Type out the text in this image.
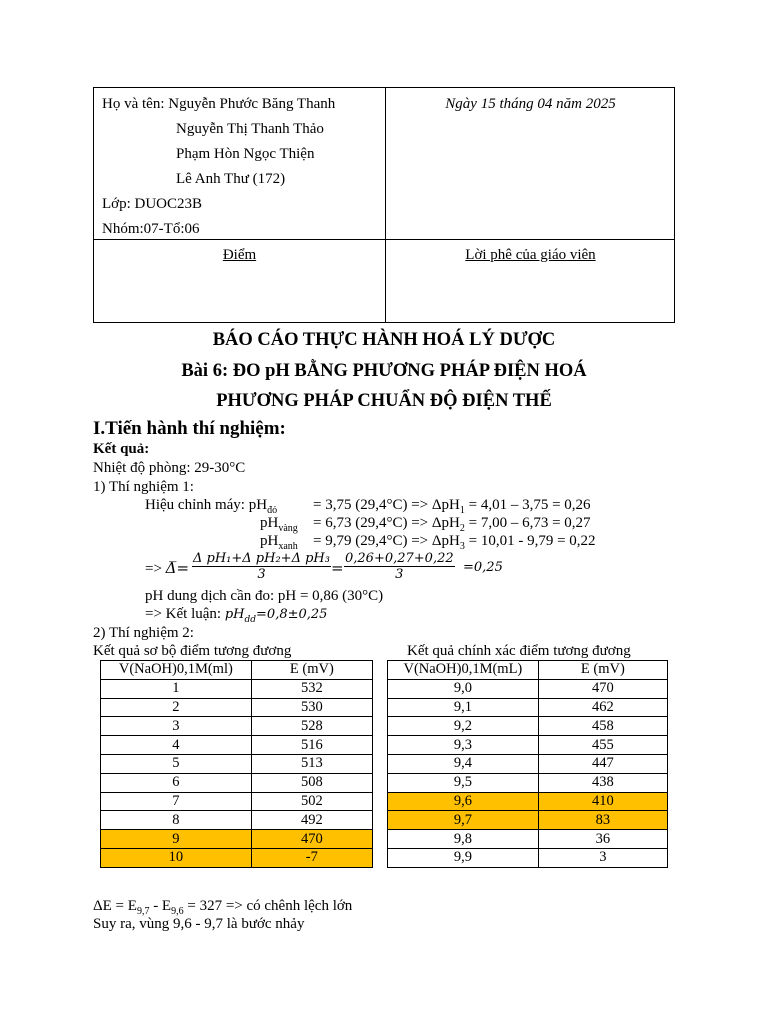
Họ và tên: Nguyễn Phước Băng Thanh
Nguyễn Thị Thanh Thảo
Phạm Hòn Ngọc Thiện
Lê Anh Thư (172)
Lớp: DUOC23B
Nhóm:07-Tổ:06
Ngày 15 tháng 04 năm 2025
Điểm	Lời phê của giáo viên
BÁO CÁO THỰC HÀNH HOÁ LÝ DƯỢC
Bài 6: ĐO pH BẰNG PHƯƠNG PHÁP ĐIỆN HOÁ
PHƯƠNG PHÁP CHUẨN ĐỘ ĐIỆN THẾ
I.Tiến hành thí nghiệm:
Kết quả:
Nhiệt độ phòng: 29-30°C
1) Thí nghiệm 1:
Hiệu chỉnh máy: $pH_{đỏ} = 3,75$ (29,4°C) => ΔpH$_1$ = 4,01 – 3,75 = 0,26
$pH_{vàng} = 6,73$ (29,4°C) => ΔpH$_2$ = 7,00 – 6,73 = 0,27
$pH_{xanh} = 9,79$ (29,4°C) => ΔpH$_3$ = 10,01 - 9,79 = 0,22
=> Δ̅= $\frac{\text{Δ pH₁+Δ pH₂+Δ pH₃}}{3} = \frac{0,26+0,27+0,22}{3} =0,25$
pH dung dịch cần đo: pH = 0,86 (30°C)
=> Kết luận: $pH_{dd}=0,8\pm 0,25$
2) Thí nghiệm 2:
Kết quả sơ bộ điểm tương đương	Kết quả chính xác điểm tương đương
V(NaOH)0,1M(ml)	E (mV)
1	532
2	530
3	528
4	516
5	513
6	508
7	502
8	492
9	470
10	-7
V(NaOH)0,1M(mL)	E (mV)
9,0	470
9,1	462
9,2	458
9,3	455
9,4	447
9,5	438
9,6	410
9,7	83
9,8	36
9,9	3
$\Delta E = E_{9,7} - E_{9,6} = 327$ => có chênh lệch lớn
Suy ra, vùng 9,6 - 9,7 là bước nhảy
